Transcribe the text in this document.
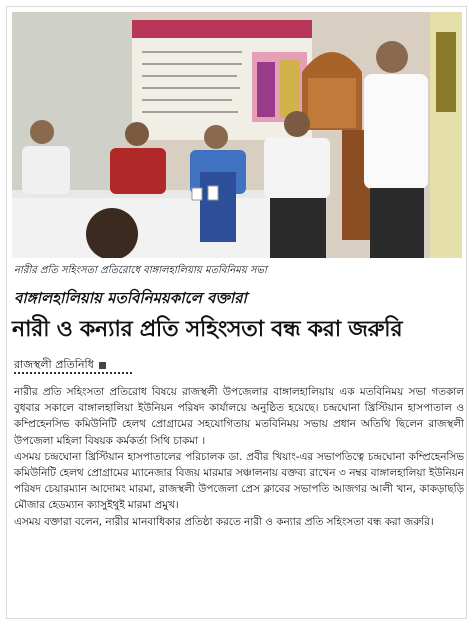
নারীর প্রতি সহিংসতা প্রতিরোধে বাঙ্গালহালিয়ায় মতবিনিময় সভা
বাঙ্গালহালিয়ায় মতবিনিময়কালে বক্তারা
নারী ও কন্যার প্রতি সহিংসতা বন্ধ করা জরুরি
রাজস্থলী প্রতিনিধি

নারীর প্রতি সহিংসতা প্রতিরোধ বিষয়ে রাজস্থলী উপজেলার বাঙ্গালহালিয়ায় এক মতবিনিময় সভা গতকাল বুধবার সকালে বাঙ্গালহালিয়া ইউনিয়ন পরিষদ কার্যালয়ে অনুষ্ঠিত হয়েছে। চন্দ্রঘোনা খ্রিস্টিয়ান হাসপাতাল ও কম্প্রিহেনসিভ কমিউনিটি হেলথ প্রোগ্রামের সহযোগিতায় মতবিনিময় সভায় প্রধান অতিথি ছিলেন রাজস্থলী উপজেলা মহিলা বিষয়ক কর্মকর্তা সিথি চাকমা ।

এসময় চন্দ্রঘোনা খ্রিস্টিয়ান হাসপাতালের পরিচালক ডা. প্রবীর খিয়াং-এর সভাপতিত্বে চন্দ্রঘোনা কম্প্রিহেনসিভ কমিউনিটি হেলথ প্রোগ্রামের ম্যানেজার বিজয় মারমার সঞ্চালনায় বক্তব্য রাখেন ৩ নম্বর বাঙ্গালহালিয়া ইউনিয়ন পরিষদ চেয়ারম্যান আদোমং মারমা, রাজস্থলী উপজেলা প্রেস ক্লাবের সভাপতি আজগর আলী খান, কাকড়াছড়ি মৌজার হেডম্যান ক্যাসুইথুই মারমা প্রমুখ।

এসময় বক্তারা বলেন, নারীর মানবাধিকার প্রতিষ্ঠা করতে নারী ও কন্যার প্রতি সহিংসতা বন্ধ করা জরুরি।
